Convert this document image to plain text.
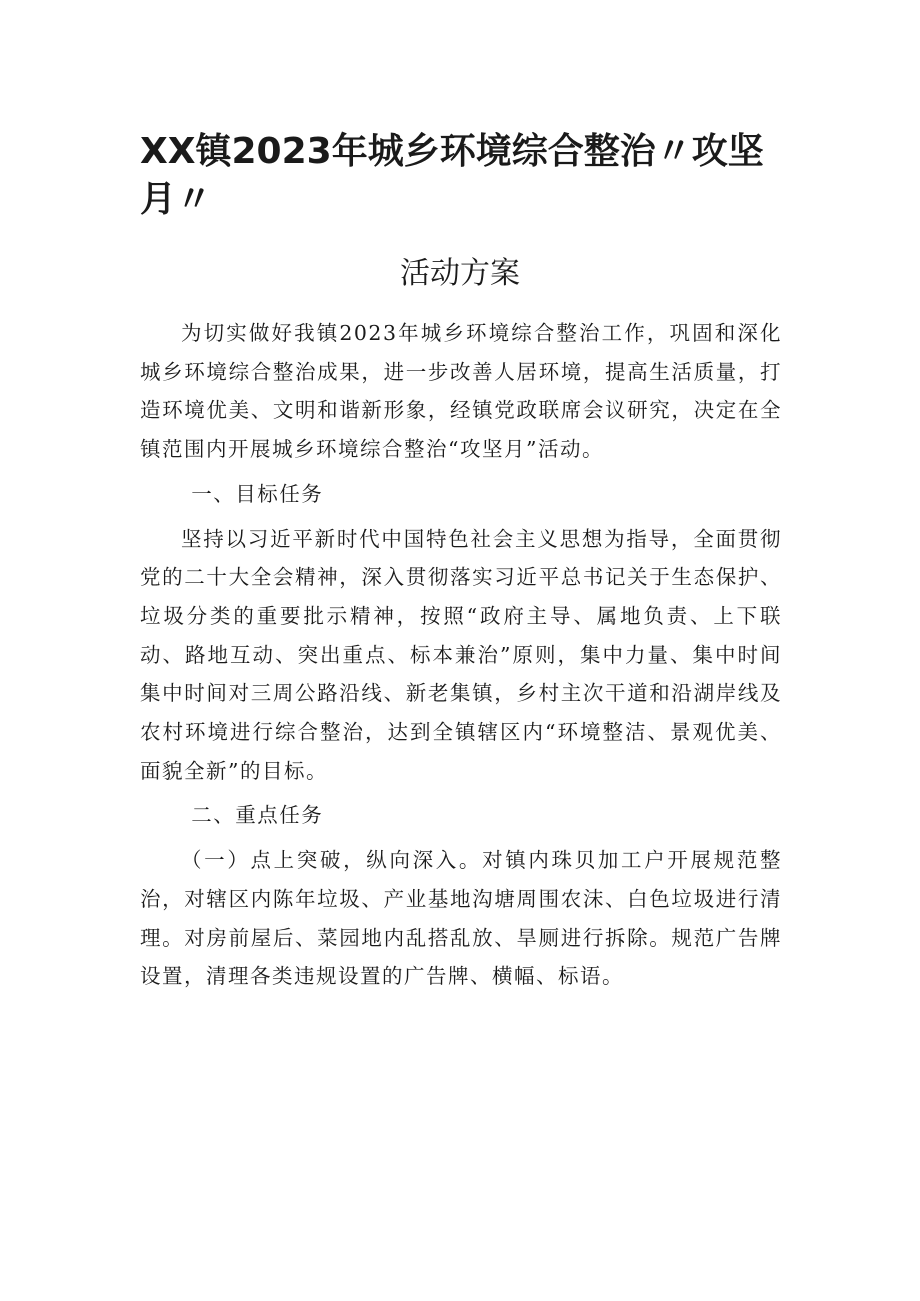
XX镇2023年城乡环境综合整治〃攻坚月〃
活动方案

为切实做好我镇2023年城乡环境综合整治工作，巩固和深化城乡环境综合整治成果，进一步改善人居环境，提高生活质量，打造环境优美、文明和谐新形象，经镇党政联席会议研究，决定在全镇范围内开展城乡环境综合整治“攻坚月”活动。

一、目标任务

坚持以习近平新时代中国特色社会主义思想为指导，全面贯彻党的二十大全会精神，深入贯彻落实习近平总书记关于生态保护、垃圾分类的重要批示精神，按照“政府主导、属地负责、上下联动、路地互动、突出重点、标本兼治”原则，集中力量、集中时间集中时间对三周公路沿线、新老集镇，乡村主次干道和沿湖岸线及农村环境进行综合整治，达到全镇辖区内“环境整洁、景观优美、面貌全新”的目标。

二、重点任务

（一）点上突破，纵向深入。对镇内珠贝加工户开展规范整治，对辖区内陈年垃圾、产业基地沟塘周围农沫、白色垃圾进行清理。对房前屋后、菜园地内乱搭乱放、旱厕进行拆除。规范广告牌设置，清理各类违规设置的广告牌、横幅、标语。
